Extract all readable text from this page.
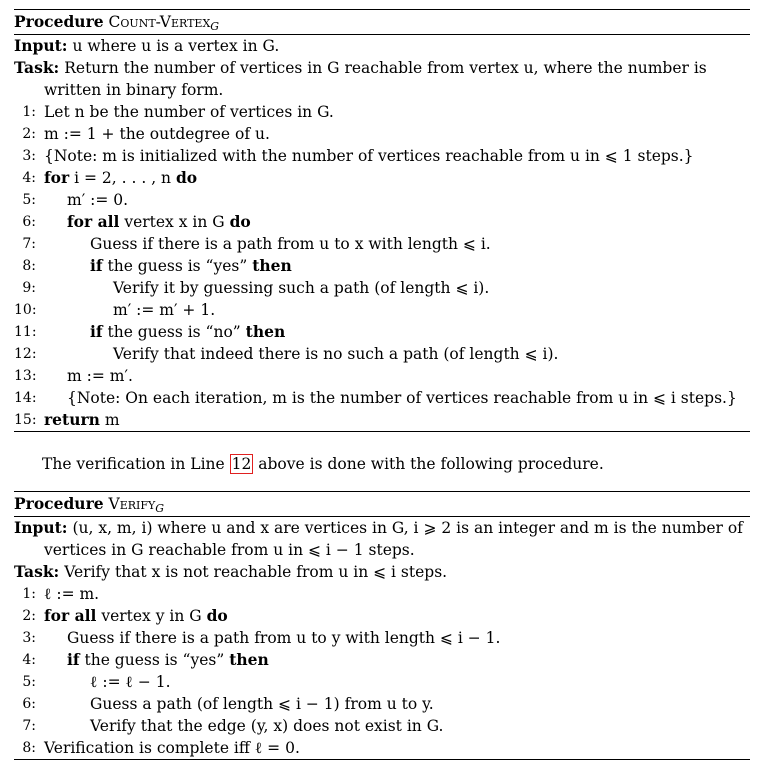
Procedure Count-Vertex$_G$
Input: u where u is a vertex in G.
Task: Return the number of vertices in G reachable from vertex u, where the number is written in binary form.
1: Let n be the number of vertices in G.
2: m := 1 + the outdegree of u.
3: {Note: m is initialized with the number of vertices reachable from u in ⩽ 1 steps.}
4: for i = 2, . . . , n do
5: m′ := 0.
6: for all vertex x in G do
7:	Guess if there is a path from u to x with length ⩽ i.
8:	if the guess is “yes” then
9:	Verify it by guessing such a path (of length ⩽ i).
10:	m′ := m′ + 1.
11:	if the guess is “no” then
12:	Verify that indeed there is no such a path (of length ⩽ i).
13: m := m′.
14: {Note: On each iteration, m is the number of vertices reachable from u in ⩽ i steps.}
15: return m
The verification in Line 12 above is done with the following procedure.
Procedure Verify$_G$
Input: (u, x, m, i) where u and x are vertices in G, i ⩾ 2 is an integer and m is the number of vertices in G reachable from u in ⩽ i − 1 steps.
Task: Verify that x is not reachable from u in ⩽ i steps.
1: ℓ := m.
2: for all vertex y in G do
3: Guess if there is a path from u to y with length ⩽ i − 1.
4: if the guess is “yes” then
5:	ℓ := ℓ − 1.
6:	Guess a path (of length ⩽ i − 1) from u to y.
7:	Verify that the edge (y, x) does not exist in G.
8: Verification is complete iff ℓ = 0.
